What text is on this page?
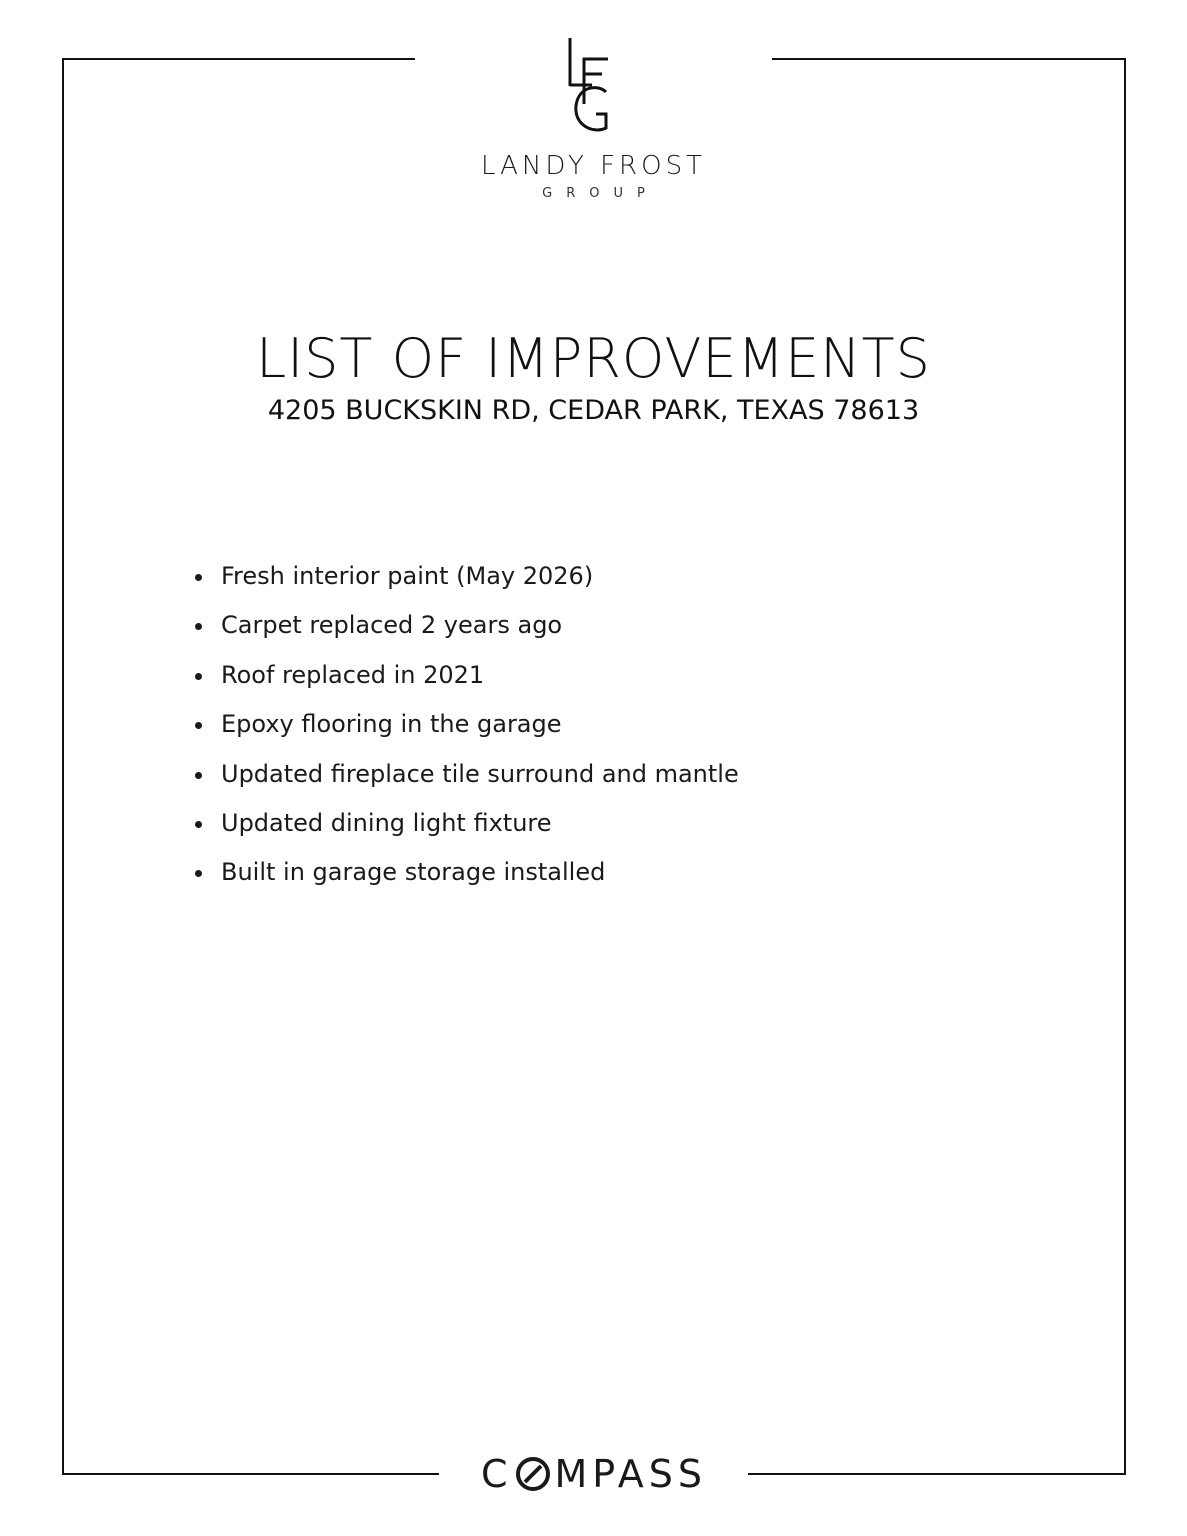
LANDY FROST
GROUP
LIST OF IMPROVEMENTS
4205 BUCKSKIN RD, CEDAR PARK, TEXAS 78613
Fresh interior paint (May 2026)
Carpet replaced 2 years ago
Roof replaced in 2021
Epoxy flooring in the garage
Updated fireplace tile surround and mantle
Updated dining light fixture
Built in garage storage installed
C MPASS
